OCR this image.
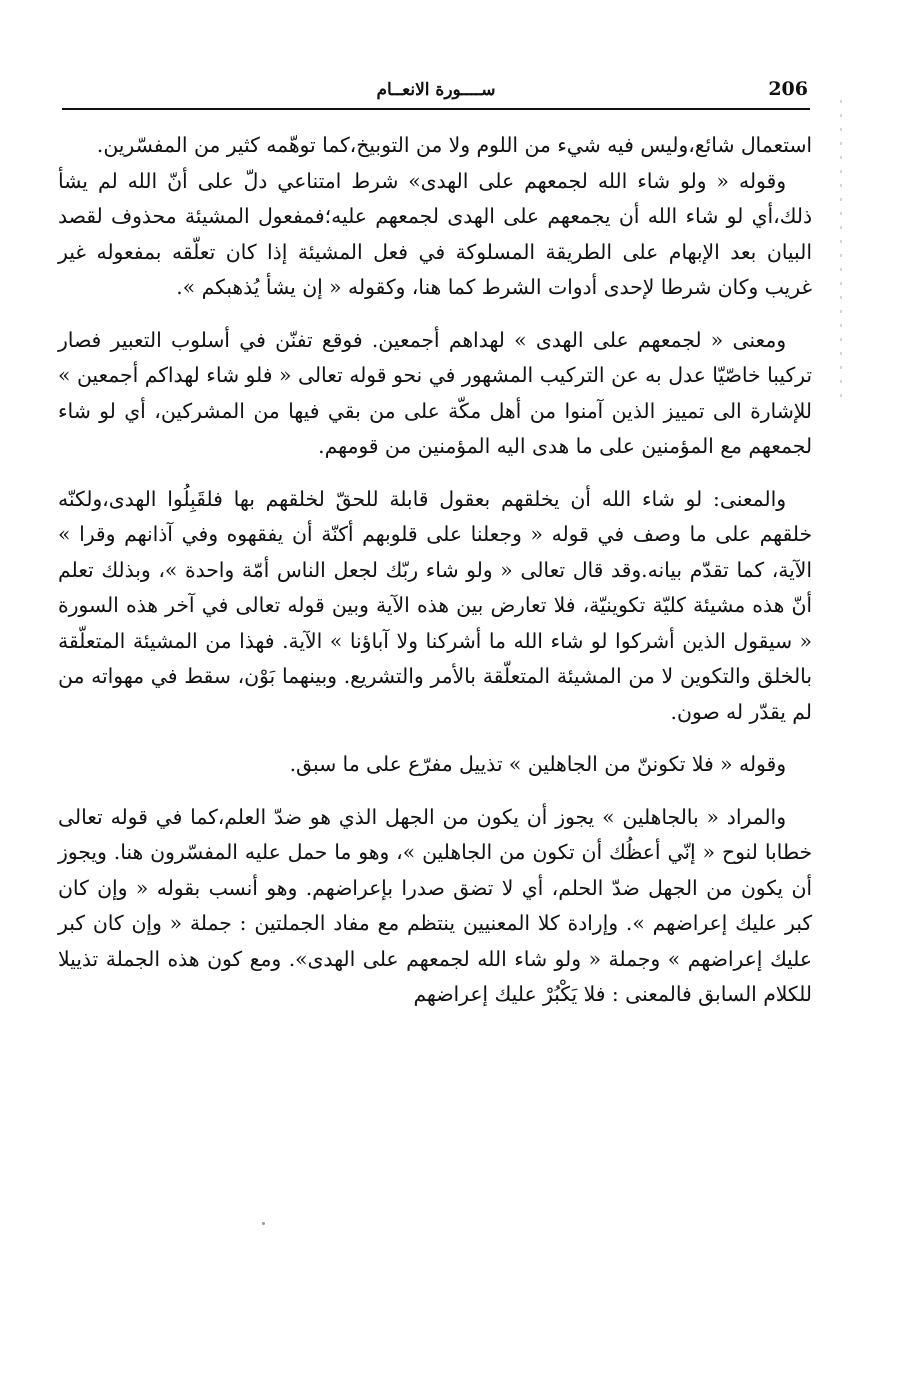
206
ســــورة الانعــام

استعمال شائع،وليس فيه شيء من اللوم ولا من التوبيخ،كما توهّمه كثير من المفسّرين.

وقوله « ولو شاء الله لجمعهم على الهدى» شرط امتناعي دلّ على أنّ الله لم يشأ ذلك،أي لو شاء الله أن يجمعهم على الهدى لجمعهم عليه؛فمفعول المشيئة محذوف لقصد البيان بعد الإبهام على الطريقة المسلوكة في فعل المشيئة إذا كان تعلّقه بمفعوله غير غريب وكان شرطا لإحدى أدوات الشرط كما هنا، وكقوله « إن يشأ يُذهبكم ».

ومعنى « لجمعهم على الهدى » لهداهم أجمعين. فوقع تفنّن في أسلوب التعبير فصار تركيبا خاصّيّا عدل به عن التركيب المشهور في نحو قوله تعالى « فلو شاء لهداكم أجمعين » للإشارة الى تمييز الذين آمنوا من أهل مكّة على من بقي فيها من المشركين، أي لو شاء لجمعهم مع المؤمنين على ما هدى اليه المؤمنين من قومهم.

والمعنى: لو شاء الله أن يخلقهم بعقول قابلة للحقّ لخلقهم بها فلقَبِلُوا الهدى،ولكنّه خلقهم على ما وصف في قوله « وجعلنا على قلوبهم أكنّة أن يفقهوه وفي آذانهم وقرا » الآية، كما تقدّم بيانه.وقد قال تعالى « ولو شاء ربّك لجعل الناس أمّة واحدة »، وبذلك تعلم أنّ هذه مشيئة كليّة تكوينيّة، فلا تعارض بين هذه الآية وبين قوله تعالى في آخر هذه السورة « سيقول الذين أشركوا لو شاء الله ما أشركنا ولا آباؤنا » الآية. فهذا من المشيئة المتعلّقة بالخلق والتكوين لا من المشيئة المتعلّقة بالأمر والتشريع. وبينهما بَوْن، سقط في مهواته من لم يقدّر له صون.

وقوله « فلا تكوننّ من الجاهلين » تذييل مفرّع على ما سبق.

والمراد « بالجاهلين » يجوز أن يكون من الجهل الذي هو ضدّ العلم،كما في قوله تعالى خطابا لنوح « إنّي أعظُك أن تكون من الجاهلين »، وهو ما حمل عليه المفسّرون هنا. ويجوز أن يكون من الجهل ضدّ الحلم، أي لا تضق صدرا بإعراضهم. وهو أنسب بقوله « وإن كان كبر عليك إعراضهم ». وإرادة كلا المعنيين ينتظم مع مفاد الجملتين : جملة « وإن كان كبر عليك إعراضهم » وجملة « ولو شاء الله لجمعهم على الهدى». ومع كون هذه الجملة تذييلا للكلام السابق فالمعنى : فلا يَكْبُرْ عليك إعراضهم
